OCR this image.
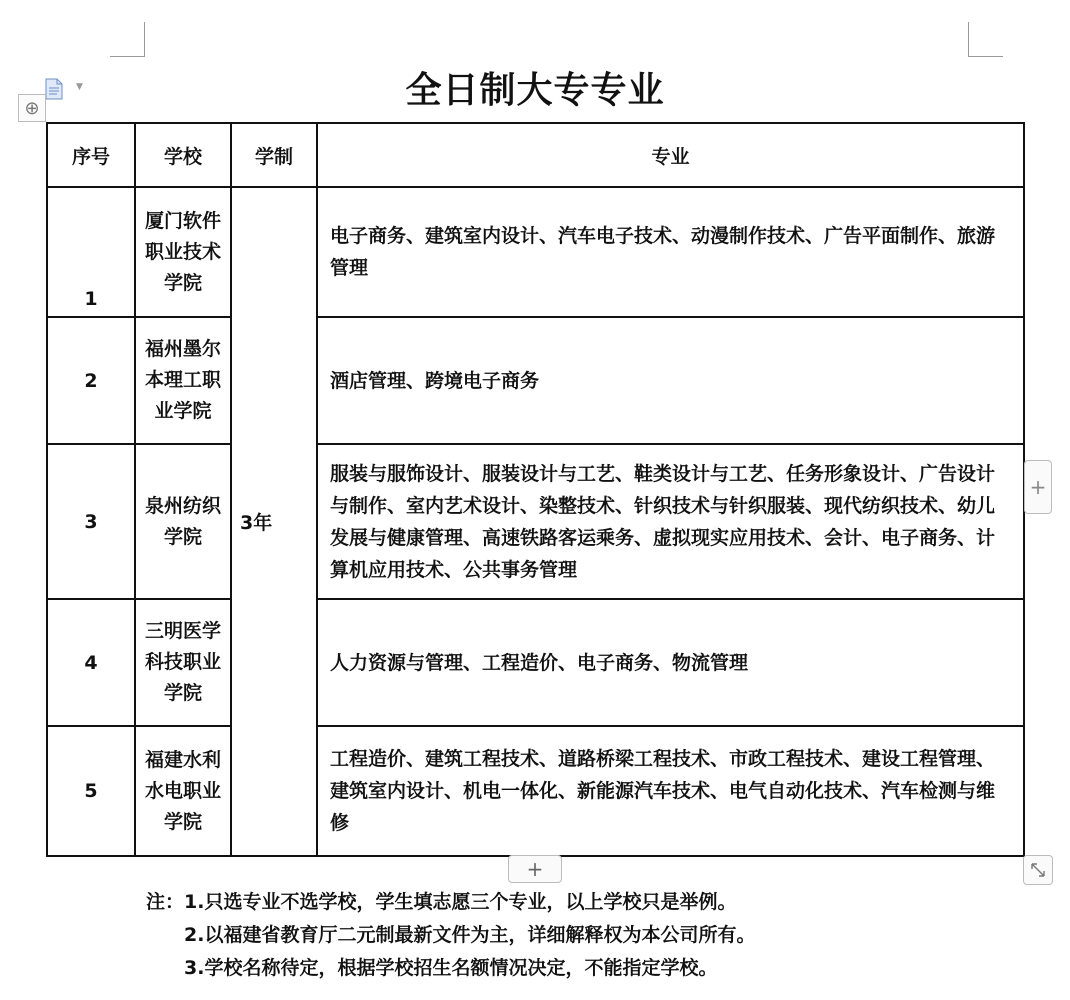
▼
⊕	全日制大专专业
序号	学校	学制	专业
1	厦门软件职业技术学院	3年	电子商务、建筑室内设计、汽车电子技术、动漫制作技术、广告平面制作、旅游管理
2	福州墨尔本理工职业学院		酒店管理、跨境电子商务
3	泉州纺织学院		服装与服饰设计、服装设计与工艺、鞋类设计与工艺、任务形象设计、广告设计与制作、室内艺术设计、染整技术、针织技术与针织服装、现代纺织技术、幼儿发展与健康管理、高速铁路客运乘务、虚拟现实应用技术、会计、电子商务、计算机应用技术、公共事务管理
4	三明医学科技职业学院		人力资源与管理、工程造价、电子商务、物流管理
5	福建水利水电职业学院		工程造价、建筑工程技术、道路桥梁工程技术、市政工程技术、建设工程管理、建筑室内设计、机电一体化、新能源汽车技术、电气自动化技术、汽车检测与维修
+
+
注：1.只选专业不选学校，学生填志愿三个专业，以上学校只是举例。
2.以福建省教育厅二元制最新文件为主，详细解释权为本公司所有。
3.学校名称待定，根据学校招生名额情况决定，不能指定学校。
